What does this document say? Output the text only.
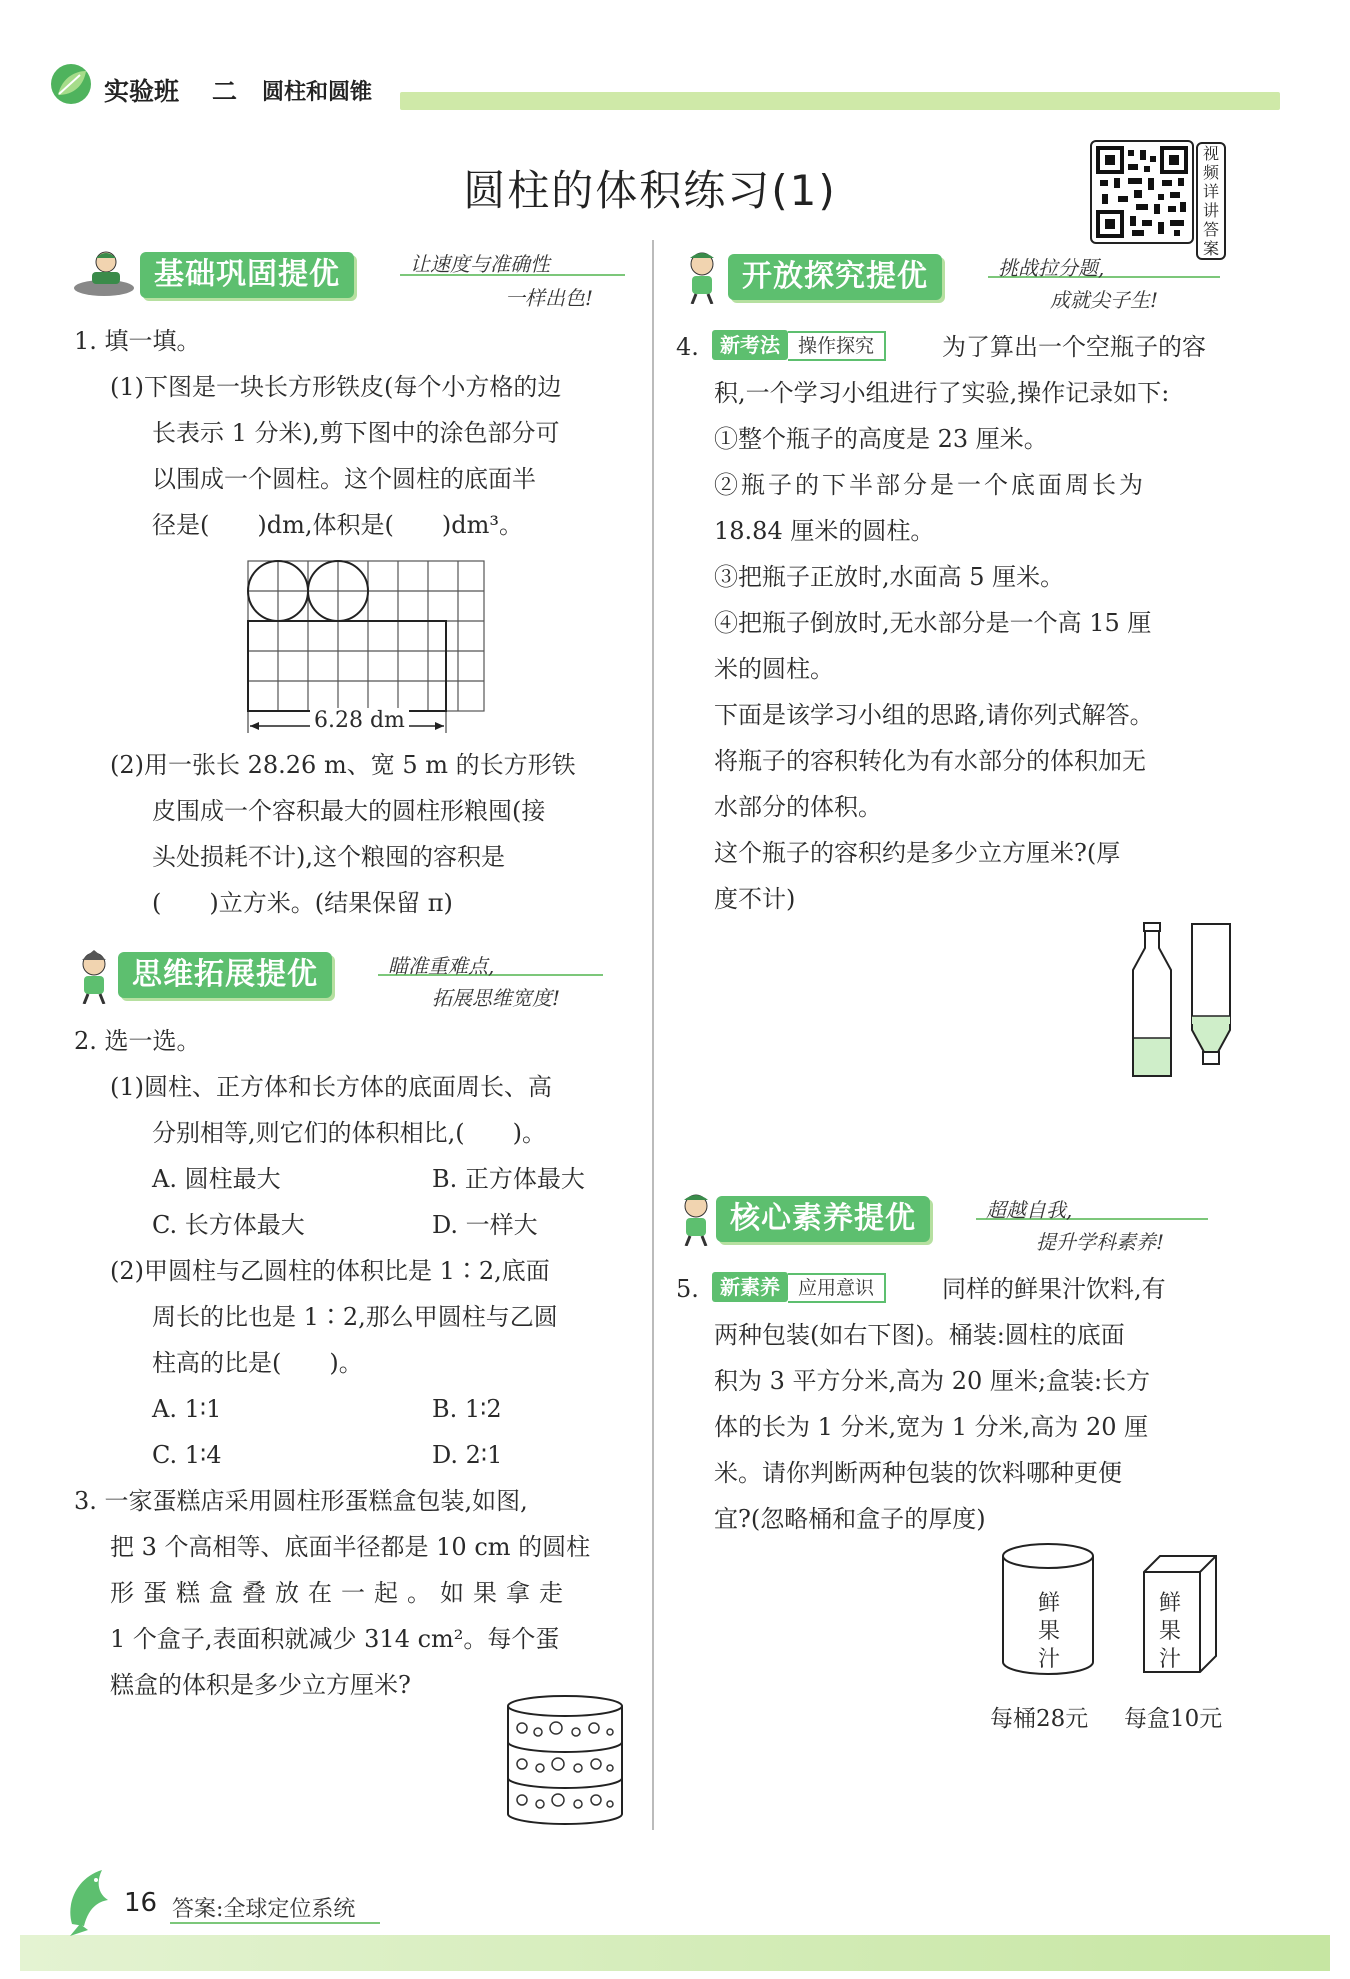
实验班 二 圆柱和圆锥
圆柱的体积练习(1)
视
频
详
讲
答
案
基础巩固提优	让速度与准确性
一样出色!
1. 填一填。
(1)下图是一块长方形铁皮(每个小方格的边
长表示 1 分米),剪下图中的涂色部分可
以围成一个圆柱。这个圆柱的底面半
径是(　　)dm,体积是(　　)dm³。
6.28 dm
(2)用一张长 28.26 m、宽 5 m 的长方形铁
皮围成一个容积最大的圆柱形粮囤(接
头处损耗不计),这个粮囤的容积是
(　　)立方米。(结果保留 π)
思维拓展提优	瞄准重难点,
拓展思维宽度!
2. 选一选。
(1)圆柱、正方体和长方体的底面周长、高
分别相等,则它们的体积相比,(　　)。
A. 圆柱最大	B. 正方体最大
C. 长方体最大	D. 一样大
(2)甲圆柱与乙圆柱的体积比是 1∶2,底面
周长的比也是 1∶2,那么甲圆柱与乙圆
柱高的比是(　　)。
A. 1∶1	B. 1∶2
C. 1∶4	D. 2∶1
3. 一家蛋糕店采用圆柱形蛋糕盒包装,如图,
把 3 个高相等、底面半径都是 10 cm 的圆柱
形蛋糕盒叠放在一起。如果拿走
1 个盒子,表面积就减少 314 cm²。每个蛋
糕盒的体积是多少立方厘米?
开放探究提优	挑战拉分题,
成就尖子生!
4.	新考法 操作探究	为了算出一个空瓶子的容
积,一个学习小组进行了实验,操作记录如下:
①整个瓶子的高度是 23 厘米。
②瓶子的下半部分是一个底面周长为
18.84 厘米的圆柱。
③把瓶子正放时,水面高 5 厘米。
④把瓶子倒放时,无水部分是一个高 15 厘
米的圆柱。
下面是该学习小组的思路,请你列式解答。
将瓶子的容积转化为有水部分的体积加无
水部分的体积。
这个瓶子的容积约是多少立方厘米?(厚
度不计)
核心素养提优	超越自我,
提升学科素养!
5.	新素养 应用意识	同样的鲜果汁饮料,有
两种包装(如右下图)。桶装:圆柱的底面
积为 3 平方分米,高为 20 厘米;盒装:长方
体的长为 1 分米,宽为 1 分米,高为 20 厘
米。请你判断两种包装的饮料哪种更便
宜?(忽略桶和盒子的厚度)
鲜
果
汁
每桶28元
鲜
果
汁
每盒10元
16 答案:全球定位系统
